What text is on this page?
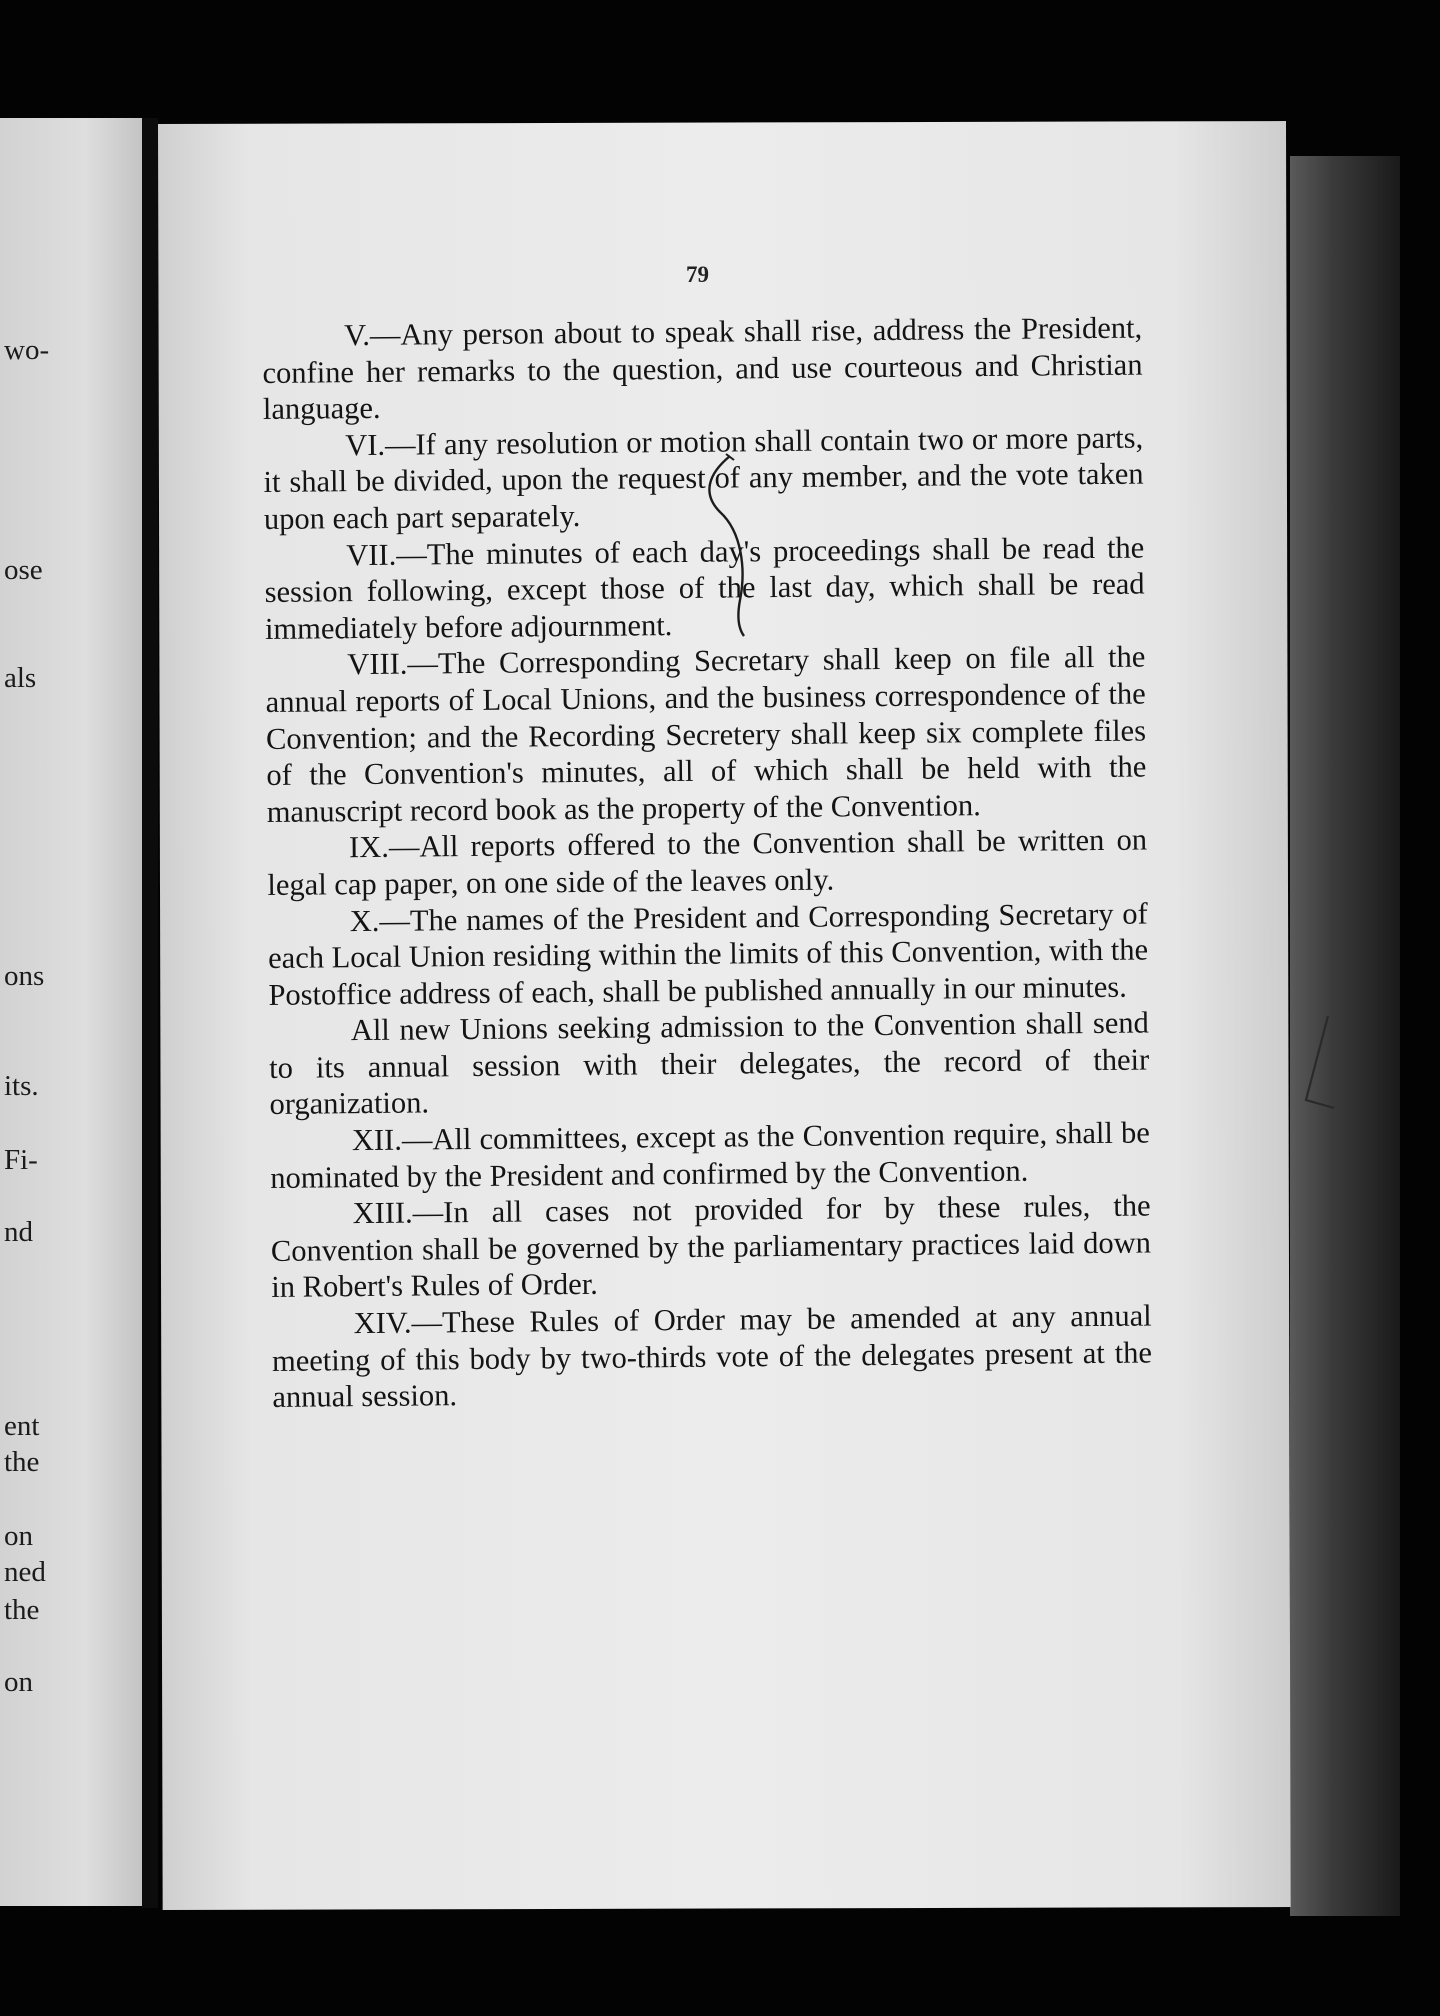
wo-
ose
als
ons
its.
Fi-
nd
ent
the
on
ned
the
on
79

V.—Any person about to speak shall rise, address the President, confine her remarks to the question, and use courteous and Christian language.

VI.—If any resolution or motion shall contain two or more parts, it shall be divided, upon the request of any member, and the vote taken upon each part separately.

VII.—The minutes of each day's proceedings shall be read the session following, except those of the last day, which shall be read immediately before adjournment.

VIII.—The Corresponding Secretary shall keep on file all the annual reports of Local Unions, and the business correspondence of the Convention; and the Recording Secretery shall keep six complete files of the Convention's minutes, all of which shall be held with the manuscript record book as the property of the Convention.

IX.—All reports offered to the Convention shall be written on legal cap paper, on one side of the leaves only.

X.—The names of the President and Corresponding Secretary of each Local Union residing within the limits of this Convention, with the Postoffice address of each, shall be published annually in our minutes.

All new Unions seeking admission to the Convention shall send to its annual session with their delegates, the record of their organization.

XII.—All committees, except as the Convention require, shall be nominated by the President and confirmed by the Convention.

XIII.—In all cases not provided for by these rules, the Convention shall be governed by the parliamentary practices laid down in Robert's Rules of Order.

XIV.—These Rules of Order may be amended at any annual meeting of this body by two-thirds vote of the delegates present at the annual session.
